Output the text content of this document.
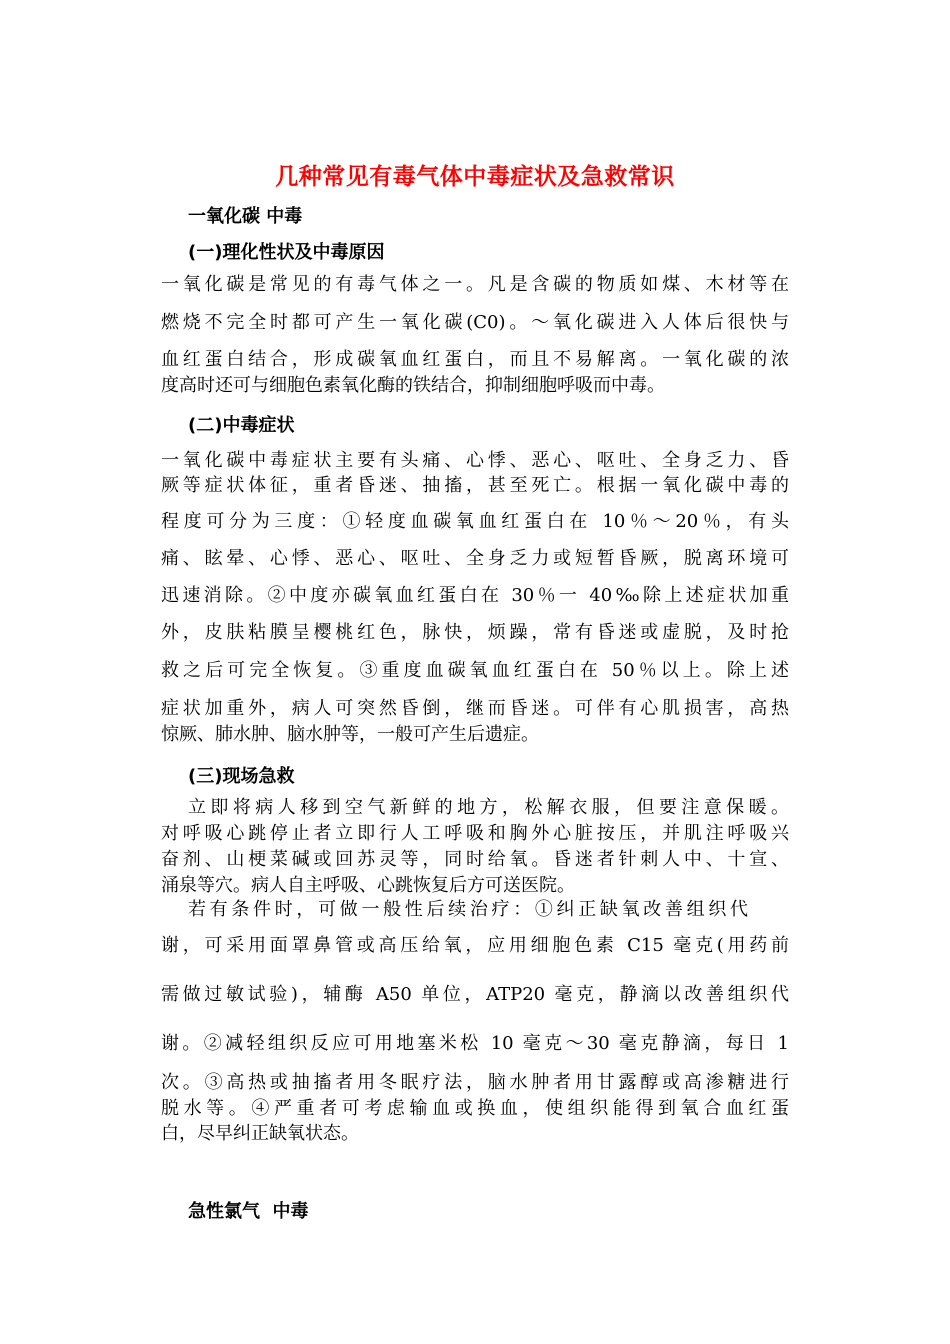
几种常见有毒气体中毒症状及急救常识
一氧化碳 中毒
(一)理化性状及中毒原因
一氧化碳是常见的有毒气体之一。凡是含碳的物质如煤、木材等在
燃烧不完全时都可产生一氧化碳(C0)。～氧化碳进入人体后很快与
血红蛋白结合，形成碳氧血红蛋白，而且不易解离。一氧化碳的浓
度高时还可与细胞色素氧化酶的铁结合，抑制细胞呼吸而中毒。
(二)中毒症状
一氧化碳中毒症状主要有头痛、心悸、恶心、呕吐、全身乏力、昏
厥等症状体征，重者昏迷、抽搐，甚至死亡。根据一氧化碳中毒的
程度可分为三度：①轻度血碳氧血红蛋白在 10％～20％，有头
痛、眩晕、心悸、恶心、呕吐、全身乏力或短暂昏厥，脱离环境可
迅速消除。②中度亦碳氧血红蛋白在 30％一 40‰除上述症状加重
外，皮肤粘膜呈樱桃红色，脉快，烦躁，常有昏迷或虚脱，及时抢
救之后可完全恢复。③重度血碳氧血红蛋白在 50％以上。除上述
症状加重外，病人可突然昏倒，继而昏迷。可伴有心肌损害，高热
惊厥、肺水肿、脑水肿等，一般可产生后遗症。
(三)现场急救
立即将病人移到空气新鲜的地方，松解衣服，但要注意保暖。
对呼吸心跳停止者立即行人工呼吸和胸外心脏按压，并肌注呼吸兴
奋剂、山梗菜碱或回苏灵等，同时给氧。昏迷者针刺人中、十宣、
涌泉等穴。病人自主呼吸、心跳恢复后方可送医院。
若有条件时，可做一般性后续治疗：①纠正缺氧改善组织代
谢，可采用面罩鼻管或高压给氧，应用细胞色素 C15 毫克(用药前
需做过敏试验)，辅酶 A50 单位，ATP20 毫克，静滴以改善组织代
谢。②减轻组织反应可用地塞米松 10 毫克～30 毫克静滴，每日 1
次。③高热或抽搐者用冬眠疗法，脑水肿者用甘露醇或高渗糖进行
脱水等。④严重者可考虑输血或换血，使组织能得到氧合血红蛋
白，尽早纠正缺氧状态。
急性氯气  中毒
